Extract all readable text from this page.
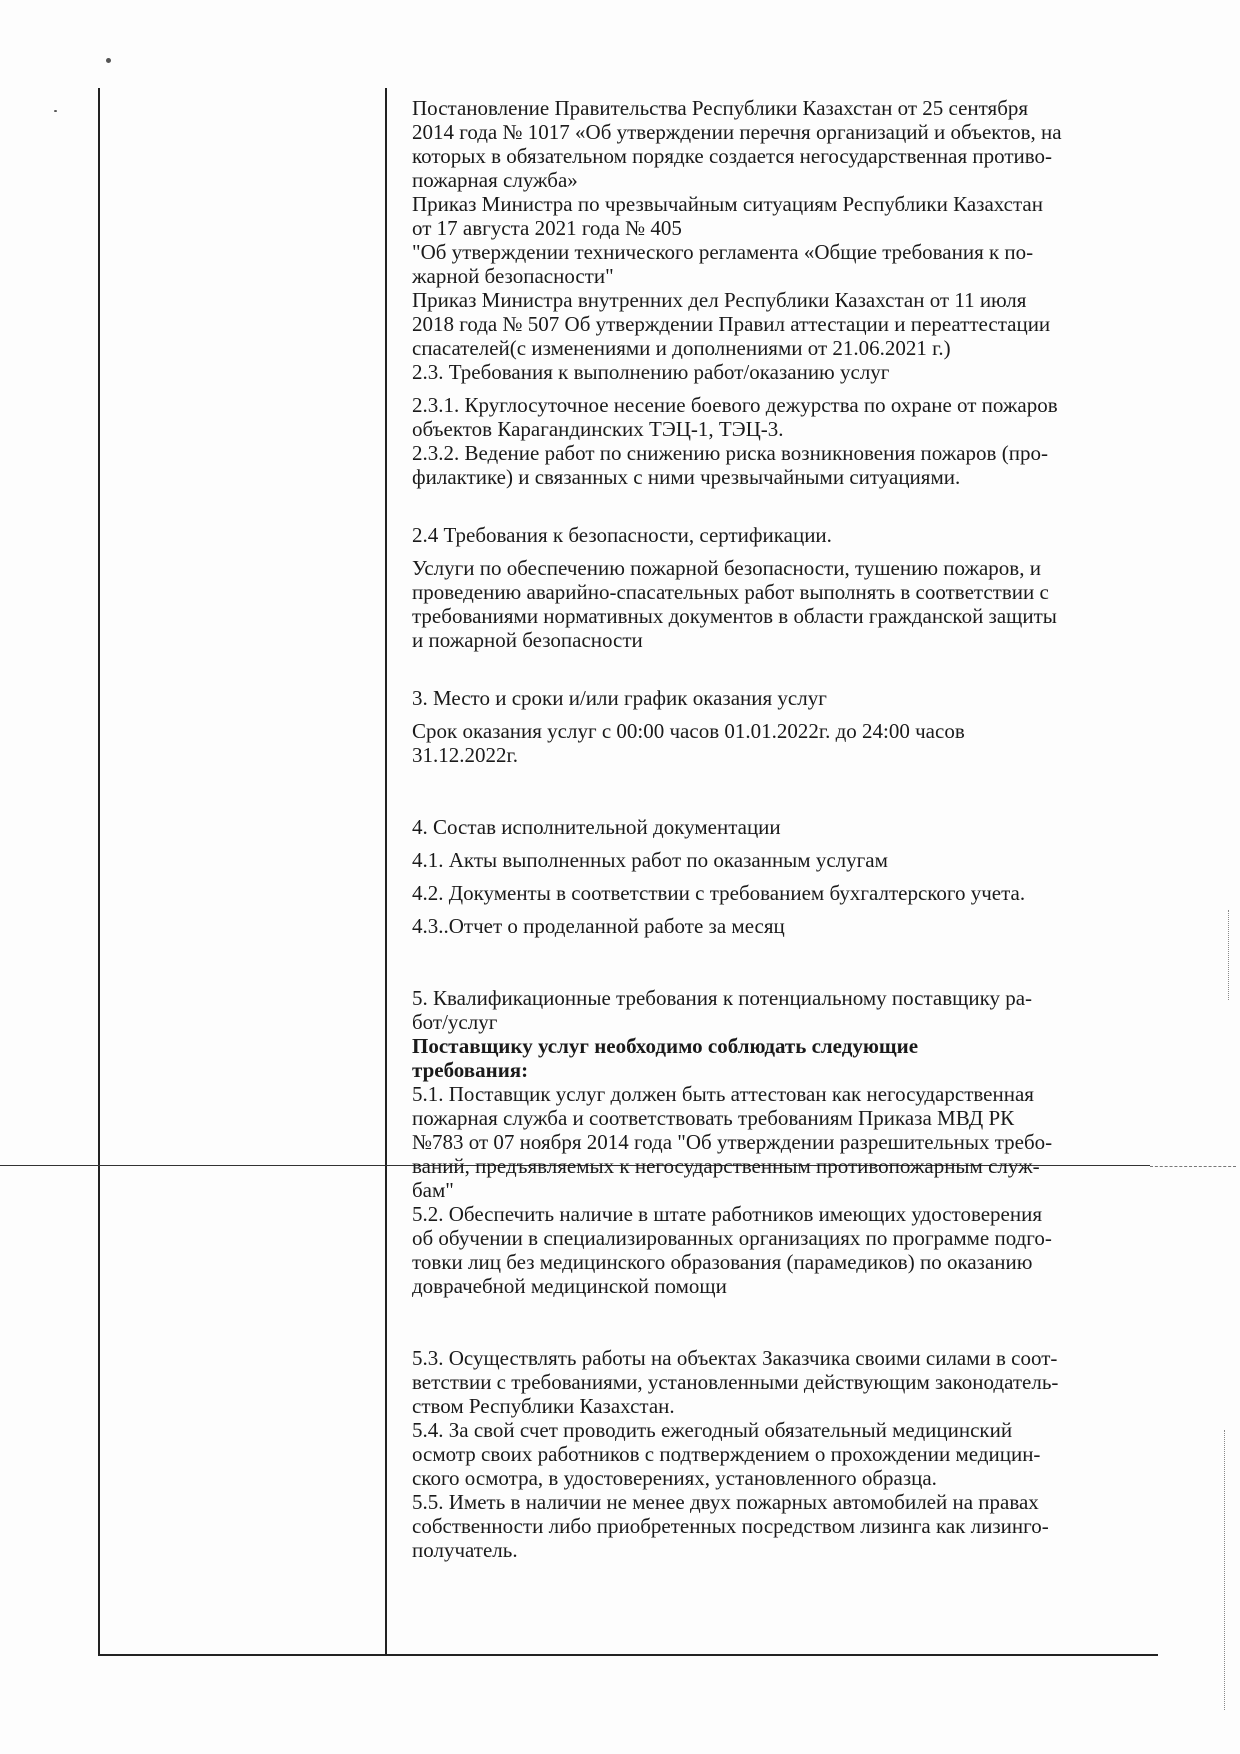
Постановление Правительства Республики Казахстан от 25 сентября

2014 года № 1017 «Об утверждении перечня организаций и объектов, на

которых в обязательном порядке создается негосударственная противо-

пожарная служба»

Приказ Министра по чрезвычайным ситуациям Республики Казахстан

от 17 августа 2021 года № 405

"Об утверждении технического регламента «Общие требования к по-

жарной безопасности"

Приказ Министра внутренних дел Республики Казахстан от 11 июля

2018 года № 507 Об утверждении Правил аттестации и переаттестации

спасателей(с изменениями и дополнениями от 21.06.2021 г.)

2.3. Требования к выполнению работ/оказанию услуг

2.3.1. Круглосуточное несение боевого дежурства по охране от пожаров

объектов Карагандинских ТЭЦ-1, ТЭЦ-3.

2.3.2. Ведение работ по снижению риска возникновения пожаров (про-

филактике) и связанных с ними чрезвычайными ситуациями.

2.4 Требования к безопасности, сертификации.

Услуги по обеспечению пожарной безопасности, тушению пожаров, и

проведению аварийно-спасательных работ выполнять в соответствии с

требованиями нормативных документов в области гражданской защиты

и пожарной безопасности

3. Место и сроки и/или график оказания услуг

Срок оказания услуг с 00:00 часов 01.01.2022г. до 24:00 часов

31.12.2022г.

4. Состав исполнительной документации

4.1. Акты выполненных работ по оказанным услугам

4.2. Документы в соответствии с требованием бухгалтерского учета.

4.3..Отчет о проделанной работе за месяц

5. Квалификационные требования к потенциальному поставщику ра-

бот/услуг

Поставщику услуг необходимо соблюдать следующие

требования:

5.1. Поставщик услуг должен быть аттестован как негосударственная

пожарная служба и соответствовать требованиям Приказа МВД РК

№783 от 07 ноября 2014 года "Об утверждении разрешительных требо-

ваний, предъявляемых к негосударственным противопожарным служ-

бам"

5.2. Обеспечить наличие в штате работников имеющих удостоверения

об обучении в специализированных организациях по программе подго-

товки лиц без медицинского образования (парамедиков) по оказанию

доврачебной медицинской помощи

5.3. Осуществлять работы на объектах Заказчика своими силами в соот-

ветствии с требованиями, установленными действующим законодатель-

ством Республики Казахстан.

5.4. За свой счет проводить ежегодный обязательный медицинский

осмотр своих работников с подтверждением о прохождении медицин-

ского осмотра, в удостоверениях, установленного образца.

5.5. Иметь в наличии не менее двух пожарных автомобилей на правах

собственности либо приобретенных посредством лизинга как лизинго-

получатель.
